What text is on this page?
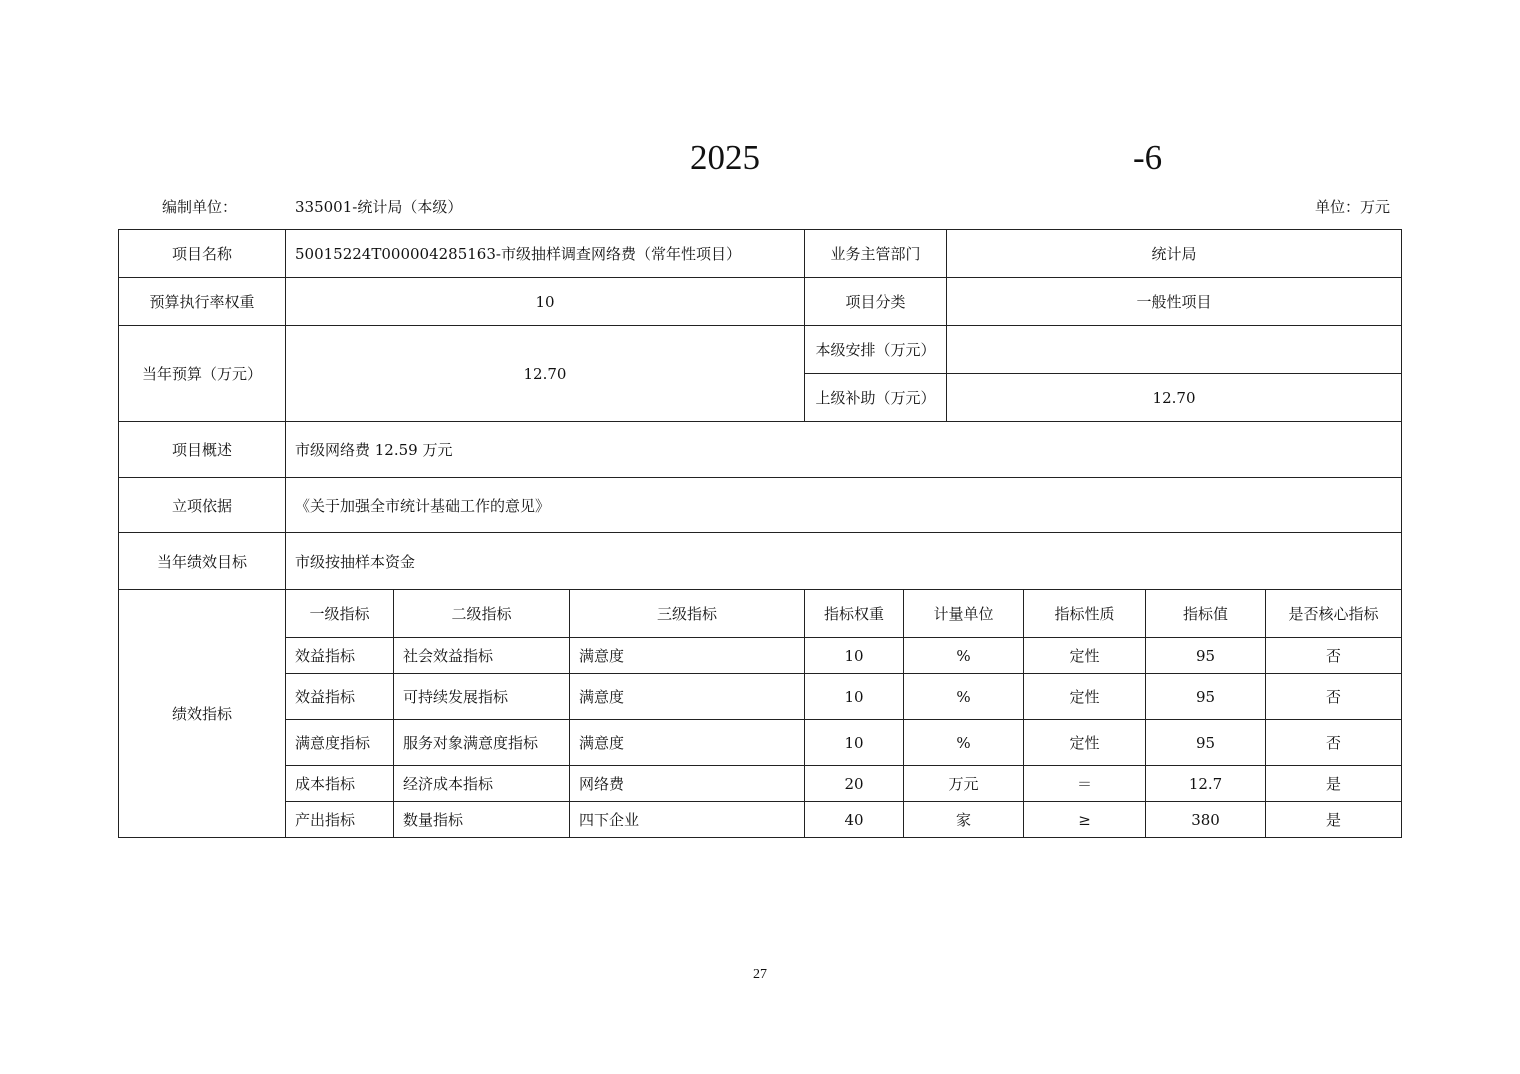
2025	-6
编制单位：	335001-统计局（本级）	单位：万元
项目名称	50015224T000004285163-市级抽样调查网络费（常年性项目）			业务主管部门		统计局			
预算执行率权重	10			项目分类		一般性项目			
当年预算（万元）	12.70			本级安排（万元）					
				上级补助（万元）		12.70			
项目概述	市级网络费 12.59 万元								
立项依据	《关于加强全市统计基础工作的意见》								
当年绩效目标	市级按抽样本资金								
绩效指标	一级指标	二级指标	三级指标	指标权重	计量单位		指标性质	指标值	是否核心指标
	效益指标	社会效益指标	满意度	10	%		定性	95	否
	效益指标	可持续发展指标	满意度	10	%		定性	95	否
	满意度指标	服务对象满意度指标	满意度	10	%		定性	95	否
	成本指标	经济成本指标	网络费	20	万元		＝	12.7	是
	产出指标	数量指标	四下企业	40	家		≥	380	是
27
